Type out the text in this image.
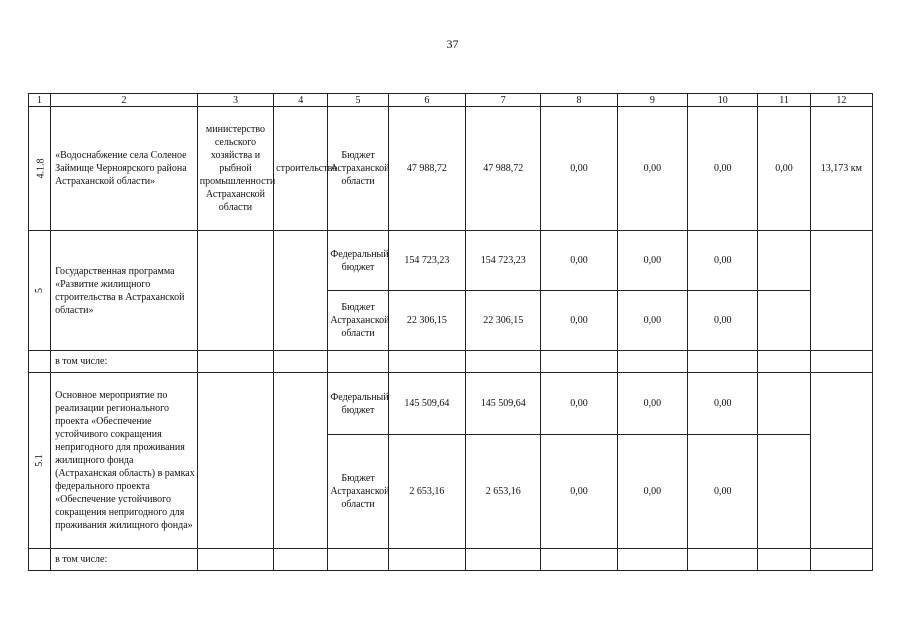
37
1	2	3	4	5	6	7	8	9	10	11	12
4.1.8	«Водоснабжение села Соленое Займище Черноярского района Астраханской области»	министерство сельского хозяйства и рыбной промышленности Астраханской области	строительство	Бюджет Астраханской области	47 988,72	47 988,72	0,00	0,00	0,00	0,00	13,173 км
5	Государственная программа «Развитие жилищного строительства в Астраханской области»			Федеральный бюджет	154 723,23	154 723,23	0,00	0,00	0,00		
				Бюджет Астраханской области	22 306,15	22 306,15	0,00	0,00	0,00		
	в том числе:										
5.1	Основное мероприятие по реализации регионального проекта «Обеспечение устойчивого сокращения непригодного для проживания жилищного фонда (Астраханская область) в рамках федерального проекта «Обеспечение устойчивого сокращения непригодного для проживания жилищного фонда»			Федеральный бюджет	145 509,64	145 509,64	0,00	0,00	0,00		
				Бюджет Астраханской области	2 653,16	2 653,16	0,00	0,00	0,00		
	в том числе:										
